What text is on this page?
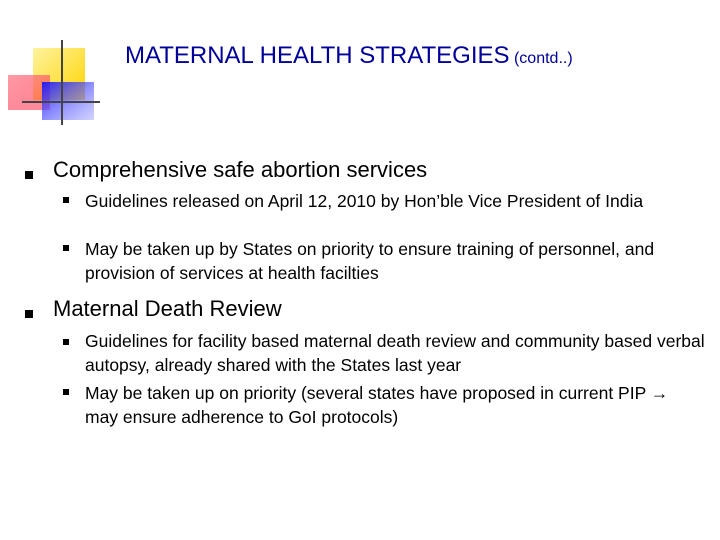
MATERNAL HEALTH STRATEGIES (contd..)
Comprehensive safe abortion services
Guidelines released on April 12, 2010 by Hon’ble Vice President of India
May be taken up by States on priority to ensure training of personnel, and provision of services at health facilties
Maternal Death Review
Guidelines for facility based maternal death review and community based verbal autopsy, already shared with the States last year
May be taken up on priority (several states have proposed in current PIP → may ensure adherence to GoI protocols)
